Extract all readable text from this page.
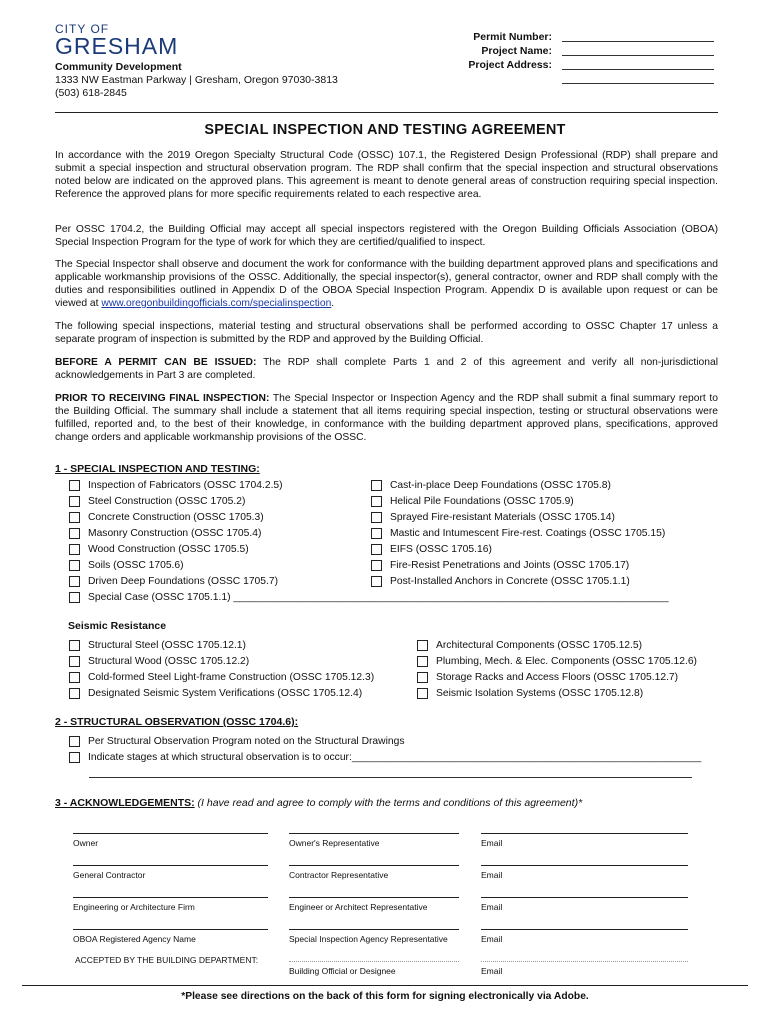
CITY OF
GRESHAM
Community Development
1333 NW Eastman Parkway | Gresham, Oregon 97030-3813
(503) 618-2845
Permit Number:
Project Name:
Project Address:
SPECIAL INSPECTION AND TESTING AGREEMENT
In accordance with the 2019 Oregon Specialty Structural Code (OSSC) 107.1, the Registered Design Professional (RDP) shall prepare and submit a special inspection and structural observation program. The RDP shall confirm that the special inspection and structural observations noted below are indicated on the approved plans. This agreement is meant to denote general areas of construction requiring special inspection. Reference the approved plans for more specific requirements related to each respective area.
Per OSSC 1704.2, the Building Official may accept all special inspectors registered with the Oregon Building Officials Association (OBOA) Special Inspection Program for the type of work for which they are certified/qualified to inspect.
The Special Inspector shall observe and document the work for conformance with the building department approved plans and specifications and applicable workmanship provisions of the OSSC. Additionally, the special inspector(s), general contractor, owner and RDP shall comply with the duties and responsibilities outlined in Appendix D of the OBOA Special Inspection Program. Appendix D is available upon request or can be viewed at www.oregonbuildingofficials.com/specialinspection.
The following special inspections, material testing and structural observations shall be performed according to OSSC Chapter 17 unless a separate program of inspection is submitted by the RDP and approved by the Building Official.
BEFORE A PERMIT CAN BE ISSUED: The RDP shall complete Parts 1 and 2 of this agreement and verify all non-jurisdictional acknowledgements in Part 3 are completed.
PRIOR TO RECEIVING FINAL INSPECTION: The Special Inspector or Inspection Agency and the RDP shall submit a final summary report to the Building Official. The summary shall include a statement that all items requiring special inspection, testing or structural observations were fulfilled, reported and, to the best of their knowledge, in conformance with the building department approved plans, specifications, approved change orders and applicable workmanship provisions of the OSSC.
1 - SPECIAL INSPECTION AND TESTING:
Inspection of Fabricators (OSSC 1704.2.5)
Steel Construction (OSSC 1705.2)
Concrete Construction (OSSC 1705.3)
Masonry Construction (OSSC 1705.4)
Wood Construction (OSSC 1705.5)
Soils (OSSC 1705.6)
Driven Deep Foundations (OSSC 1705.7)
Special Case (OSSC 1705.1.1) ____________________________________________________________________________
Cast-in-place Deep Foundations (OSSC 1705.8)
Helical Pile Foundations (OSSC 1705.9)
Sprayed Fire-resistant Materials (OSSC 1705.14)
Mastic and Intumescent Fire-rest. Coatings (OSSC 1705.15)
EIFS (OSSC 1705.16)
Fire-Resist Penetrations and Joints (OSSC 1705.17)
Post-Installed Anchors in Concrete (OSSC 1705.1.1)
Seismic Resistance
Structural Steel (OSSC 1705.12.1)
Structural Wood (OSSC 1705.12.2)
Cold-formed Steel Light-frame Construction (OSSC 1705.12.3)
Designated Seismic System Verifications (OSSC 1705.12.4)
Architectural Components (OSSC 1705.12.5)
Plumbing, Mech. & Elec. Components (OSSC 1705.12.6)
Storage Racks and Access Floors (OSSC 1705.12.7)
Seismic Isolation Systems (OSSC 1705.12.8)
2 - STRUCTURAL OBSERVATION (OSSC 1704.6):
Per Structural Observation Program noted on the Structural Drawings
Indicate stages at which structural observation is to occur:_____________________________________________________________
3 - ACKNOWLEDGEMENTS: (I have read and agree to comply with the terms and conditions of this agreement)*
Owner	Owner's Representative	Email
General Contractor	Contractor Representative	Email
Engineering or Architecture Firm	Engineer or Architect Representative	Email
OBOA Registered Agency Name	Special Inspection Agency Representative	Email
ACCEPTED BY THE BUILDING DEPARTMENT:
Building Official or Designee	Email
*Please see directions on the back of this form for signing electronically via Adobe.
